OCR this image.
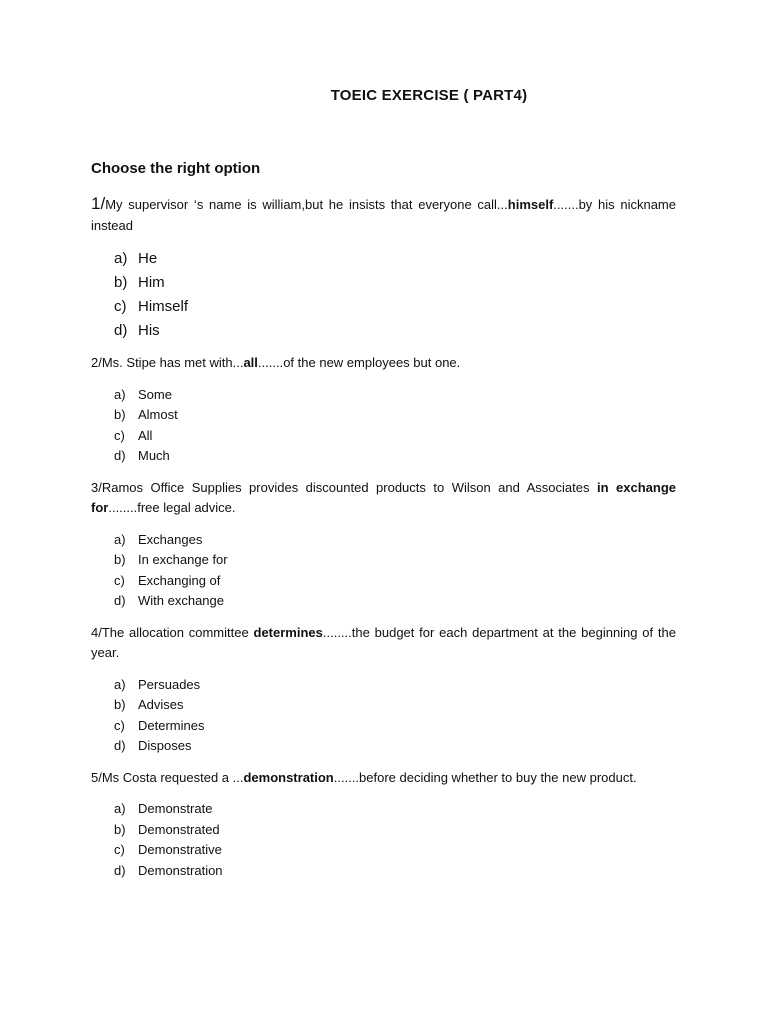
TOEIC EXERCISE ( PART4)
Choose the right option

1/My supervisor ‘s name is william,but he insists that everyone call...himself.......by his nickname instead

a) He
b) Him
c) Himself
d) His

2/Ms. Stipe has met with...all.......of the new employees but one.

a) Some
b) Almost
c)	All
d) Much

3/Ramos Office Supplies provides discounted products to Wilson and Associates in exchange for........free legal advice.

a) Exchanges
b) In exchange for
c)	Exchanging of
d) With exchange

4/The allocation committee determines........the budget for each department at the beginning of the year.

a) Persuades
b) Advises
c)	Determines
d) Disposes

5/Ms Costa requested a ...demonstration.......before deciding whether to buy the new product.

a) Demonstrate
b) Demonstrated
c)	Demonstrative
d) Demonstration
